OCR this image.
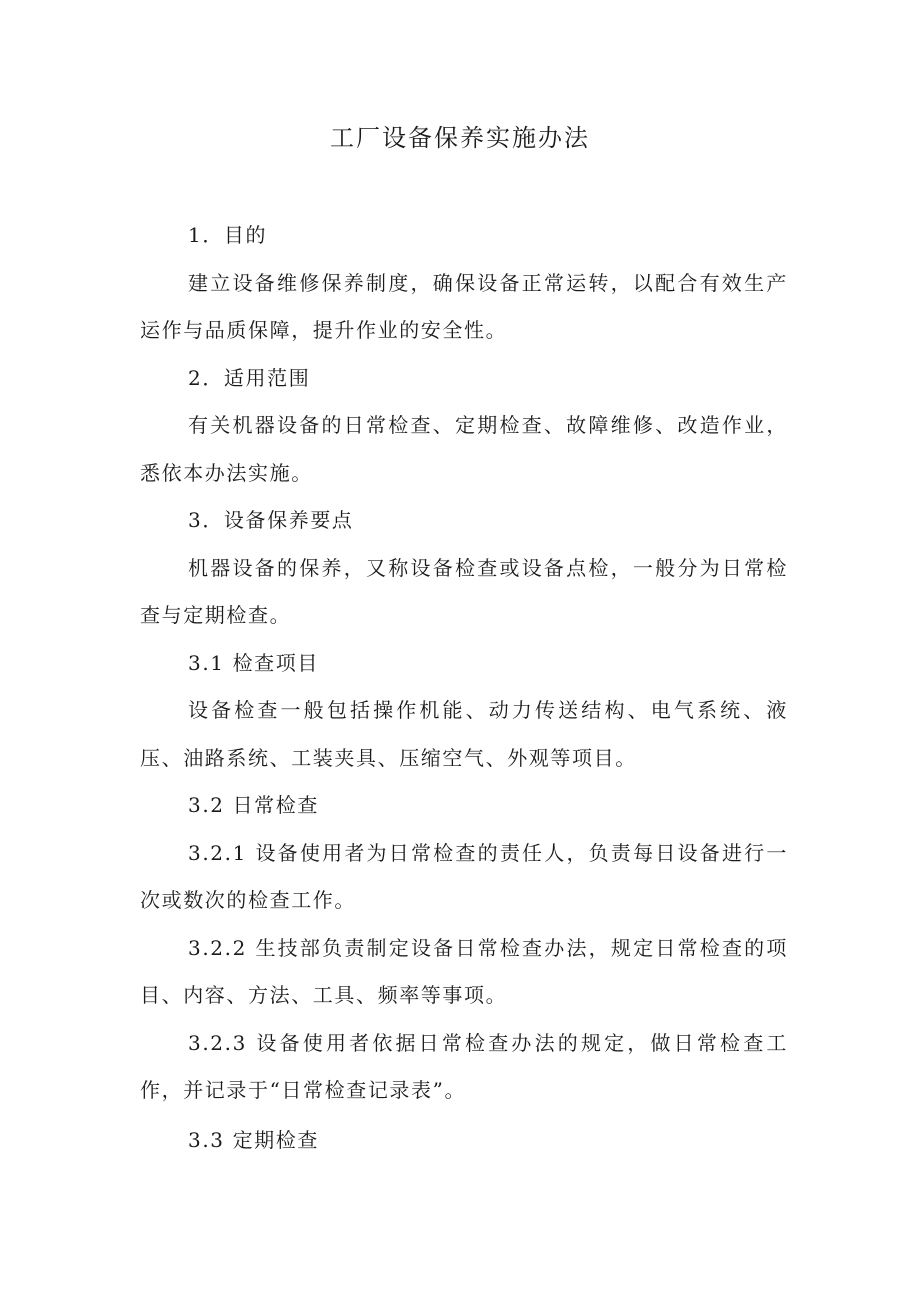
工厂设备保养实施办法

1．目的

建立设备维修保养制度，确保设备正常运转，以配合有效生产运作与品质保障，提升作业的安全性。

2．适用范围

有关机器设备的日常检查、定期检查、故障维修、改造作业，悉依本办法实施。

3．设备保养要点

机器设备的保养，又称设备检查或设备点检，一般分为日常检查与定期检查。

3.1 检查项目

设备检查一般包括操作机能、动力传送结构、电气系统、液压、油路系统、工装夹具、压缩空气、外观等项目。

3.2 日常检查

3.2.1 设备使用者为日常检查的责任人，负责每日设备进行一次或数次的检查工作。

3.2.2 生技部负责制定设备日常检查办法，规定日常检查的项目、内容、方法、工具、频率等事项。

3.2.3 设备使用者依据日常检查办法的规定，做日常检查工作，并记录于“日常检查记录表”。

3.3 定期检查
